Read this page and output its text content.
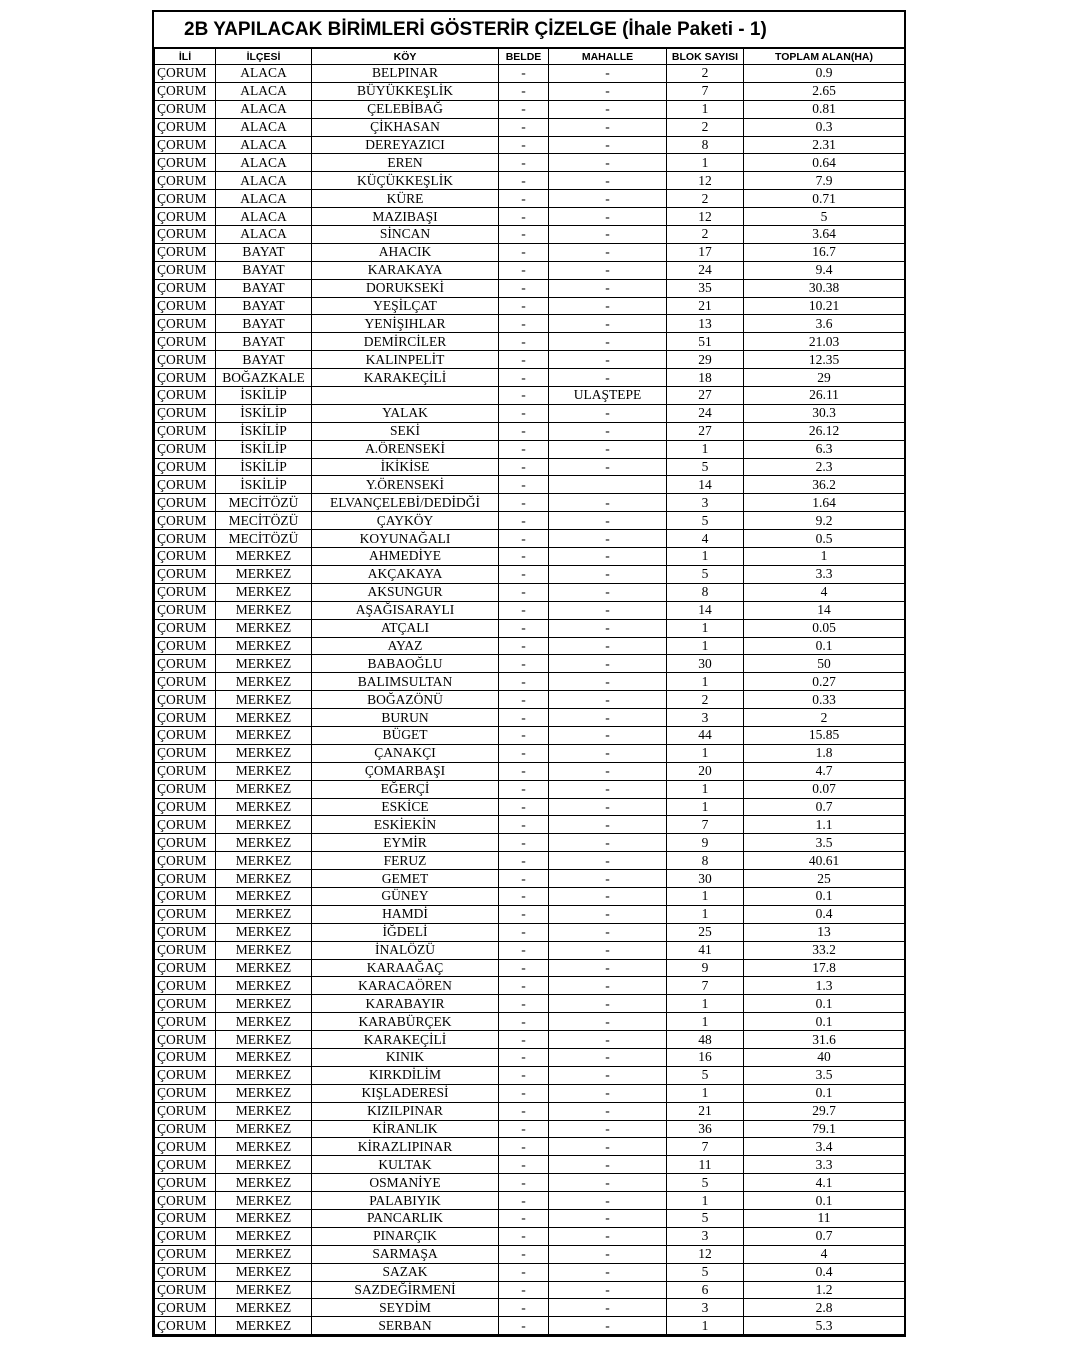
2B YAPILACAK BİRİMLERİ GÖSTERİR ÇİZELGE (İhale Paketi - 1)
İLİ	İLÇESİ	KÖY	BELDE	MAHALLE	BLOK SAYISI	TOPLAM ALAN(HA)
ÇORUM	ALACA	BELPINAR	-	-	2	0.9
ÇORUM	ALACA	BÜYÜKKEŞLİK	-	-	7	2.65
ÇORUM	ALACA	ÇELEBİBAĞ	-	-	1	0.81
ÇORUM	ALACA	ÇİKHASAN	-	-	2	0.3
ÇORUM	ALACA	DEREYAZICI	-	-	8	2.31
ÇORUM	ALACA	EREN	-	-	1	0.64
ÇORUM	ALACA	KÜÇÜKKEŞLİK	-	-	12	7.9
ÇORUM	ALACA	KÜRE	-	-	2	0.71
ÇORUM	ALACA	MAZIBAŞI	-	-	12	5
ÇORUM	ALACA	SİNCAN	-	-	2	3.64
ÇORUM	BAYAT	AHACIK	-	-	17	16.7
ÇORUM	BAYAT	KARAKAYA	-	-	24	9.4
ÇORUM	BAYAT	DORUKSEKİ	-	-	35	30.38
ÇORUM	BAYAT	YEŞİLÇAT	-	-	21	10.21
ÇORUM	BAYAT	YENİŞIHLAR	-	-	13	3.6
ÇORUM	BAYAT	DEMİRCİLER	-	-	51	21.03
ÇORUM	BAYAT	KALINPELİT	-	-	29	12.35
ÇORUM	BOĞAZKALE	KARAKEÇİLİ	-	-	18	29
ÇORUM	İSKİLİP		-	ULAŞTEPE	27	26.11
ÇORUM	İSKİLİP	YALAK	-	-	24	30.3
ÇORUM	İSKİLİP	SEKİ	-	-	27	26.12
ÇORUM	İSKİLİP	A.ÖRENSEKİ	-	-	1	6.3
ÇORUM	İSKİLİP	İKİKİSE	-	-	5	2.3
ÇORUM	İSKİLİP	Y.ÖRENSEKİ	-		14	36.2
ÇORUM	MECİTÖZÜ	ELVANÇELEBİ/DEDİDĞİ	-	-	3	1.64
ÇORUM	MECİTÖZÜ	ÇAYKÖY	-	-	5	9.2
ÇORUM	MECİTÖZÜ	KOYUNAĞALI	-	-	4	0.5
ÇORUM	MERKEZ	AHMEDİYE	-	-	1	1
ÇORUM	MERKEZ	AKÇAKAYA	-	-	5	3.3
ÇORUM	MERKEZ	AKSUNGUR	-	-	8	4
ÇORUM	MERKEZ	AŞAĞISARAYLI	-	-	14	14
ÇORUM	MERKEZ	ATÇALI	-	-	1	0.05
ÇORUM	MERKEZ	AYAZ	-	-	1	0.1
ÇORUM	MERKEZ	BABAOĞLU	-	-	30	50
ÇORUM	MERKEZ	BALIMSULTAN	-	-	1	0.27
ÇORUM	MERKEZ	BOĞAZÖNÜ	-	-	2	0.33
ÇORUM	MERKEZ	BURUN	-	-	3	2
ÇORUM	MERKEZ	BÜGET	-	-	44	15.85
ÇORUM	MERKEZ	ÇANAKÇI	-	-	1	1.8
ÇORUM	MERKEZ	ÇOMARBAŞI	-	-	20	4.7
ÇORUM	MERKEZ	EĞERÇİ	-	-	1	0.07
ÇORUM	MERKEZ	ESKİCE	-	-	1	0.7
ÇORUM	MERKEZ	ESKİEKİN	-	-	7	1.1
ÇORUM	MERKEZ	EYMİR	-	-	9	3.5
ÇORUM	MERKEZ	FERUZ	-	-	8	40.61
ÇORUM	MERKEZ	GEMET	-	-	30	25
ÇORUM	MERKEZ	GÜNEY	-	-	1	0.1
ÇORUM	MERKEZ	HAMDİ	-	-	1	0.4
ÇORUM	MERKEZ	İĞDELİ	-	-	25	13
ÇORUM	MERKEZ	İNALÖZÜ	-	-	41	33.2
ÇORUM	MERKEZ	KARAAĞAÇ	-	-	9	17.8
ÇORUM	MERKEZ	KARACAÖREN	-	-	7	1.3
ÇORUM	MERKEZ	KARABAYIR	-	-	1	0.1
ÇORUM	MERKEZ	KARABÜRÇEK	-	-	1	0.1
ÇORUM	MERKEZ	KARAKEÇİLİ	-	-	48	31.6
ÇORUM	MERKEZ	KINIK	-	-	16	40
ÇORUM	MERKEZ	KIRKDİLİM	-	-	5	3.5
ÇORUM	MERKEZ	KIŞLADERESİ	-	-	1	0.1
ÇORUM	MERKEZ	KIZILPINAR	-	-	21	29.7
ÇORUM	MERKEZ	KİRANLIK	-	-	36	79.1
ÇORUM	MERKEZ	KİRAZLIPINAR	-	-	7	3.4
ÇORUM	MERKEZ	KULTAK	-	-	11	3.3
ÇORUM	MERKEZ	OSMANİYE	-	-	5	4.1
ÇORUM	MERKEZ	PALABIYIK	-	-	1	0.1
ÇORUM	MERKEZ	PANCARLIK	-	-	5	11
ÇORUM	MERKEZ	PINARÇIK	-	-	3	0.7
ÇORUM	MERKEZ	SARMAŞA	-	-	12	4
ÇORUM	MERKEZ	SAZAK	-	-	5	0.4
ÇORUM	MERKEZ	SAZDEĞİRMENİ	-	-	6	1.2
ÇORUM	MERKEZ	SEYDİM	-	-	3	2.8
ÇORUM	MERKEZ	SERBAN	-	-	1	5.3
